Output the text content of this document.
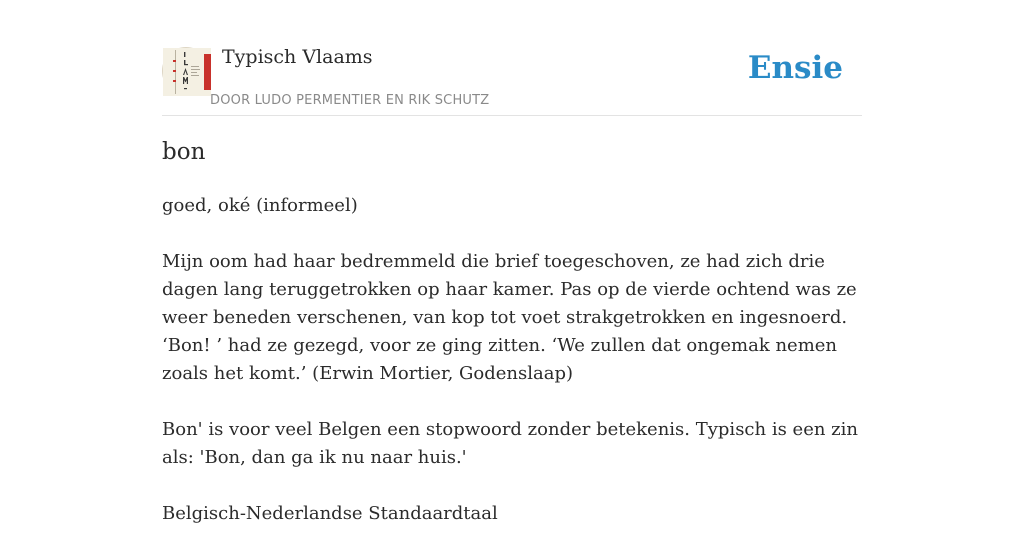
Typisch Vlaams
DOOR LUDO PERMENTIER EN RIK SCHUTZ
Ensie
bon

goed, oké (informeel)

Mijn oom had haar bedremmeld die brief toegeschoven, ze had zich drie dagen lang teruggetrokken op haar kamer. Pas op de vierde ochtend was ze weer beneden verschenen, van kop tot voet strakgetrokken en ingesnoerd. ‘Bon! ’ had ze gezegd, voor ze ging zitten. ‘We zullen dat ongemak nemen zoals het komt.’ (Erwin Mortier, Godenslaap)

Bon' is voor veel Belgen een stopwoord zonder betekenis. Typisch is een zin als: 'Bon, dan ga ik nu naar huis.'

Belgisch-Nederlandse Standaardtaal
